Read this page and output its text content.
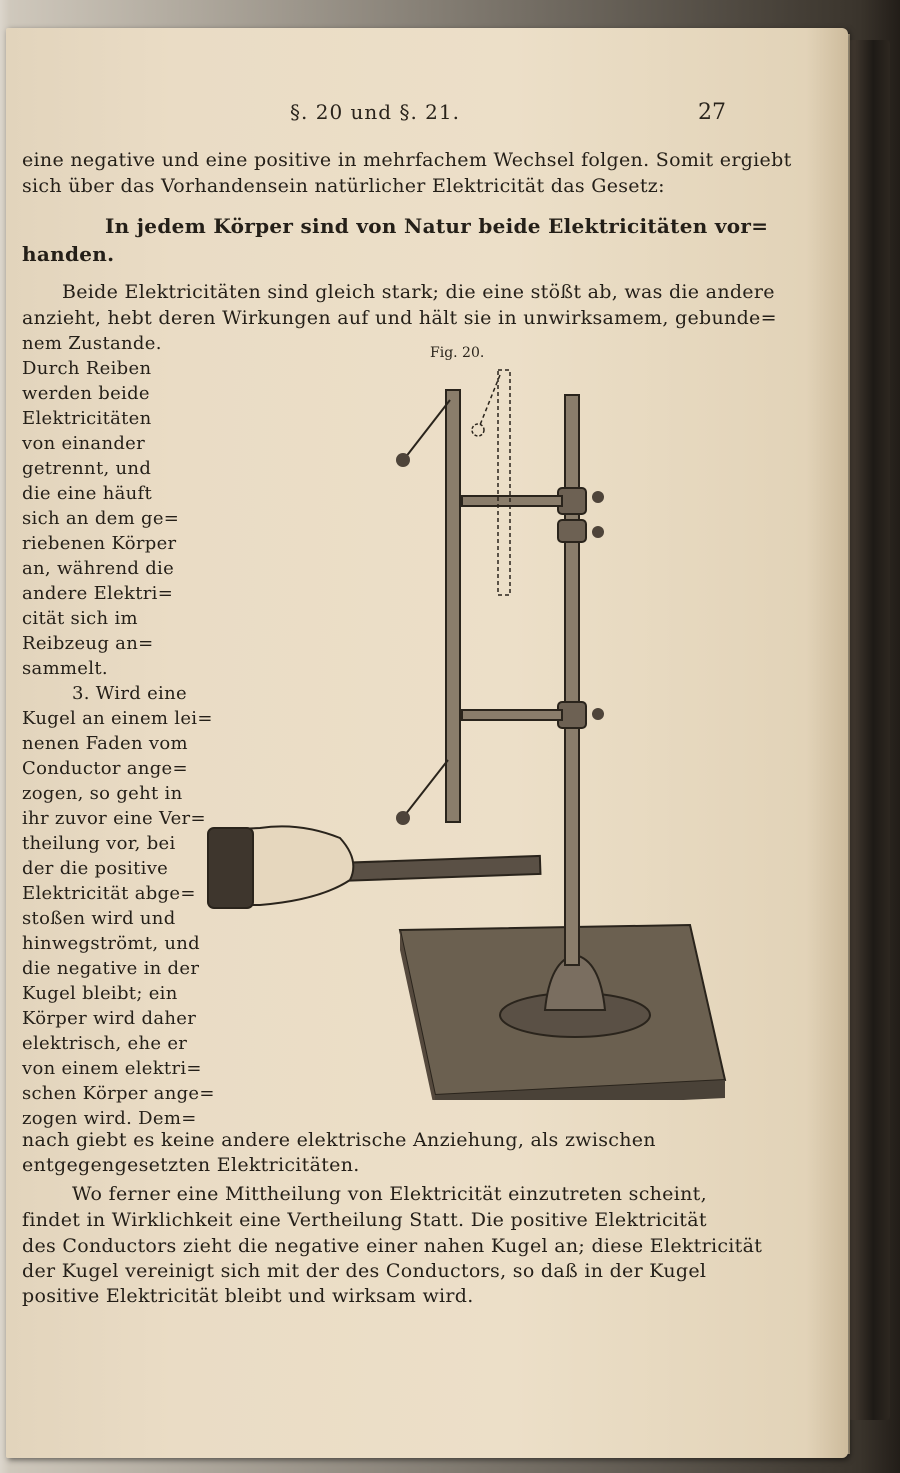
§. 20 und §. 21.	27
eine negative und eine positive in mehrfachem Wechsel folgen. Somit ergiebt
sich über das Vorhandensein natürlicher Elektricität das Gesetz:
In jedem Körper sind von Natur beide Elektricitäten vor=
handen.
Beide Elektricitäten sind gleich stark; die eine stößt ab, was die andere
anzieht, hebt deren Wirkungen auf und hält sie in unwirksamem, gebunde=
nem Zustande.
Durch Reiben
werden beide
Elektricitäten
von einander
getrennt, und
die eine häuft
sich an dem ge=
riebenen Körper
an, während die
andere Elektri=
cität sich im
Reibzeug an=
sammelt.
3. Wird eine
Kugel an einem lei=
nenen Faden vom
Conductor ange=
zogen, so geht in
ihr zuvor eine Ver=
theilung vor, bei
der die positive
Elektricität abge=
stoßen wird und
hinwegströmt, und
die negative in der
Kugel bleibt; ein
Körper wird daher
elektrisch, ehe er
von einem elektri=
schen Körper ange=
zogen wird. Dem=
Fig. 20.
nach giebt es keine andere elektrische Anziehung, als zwischen
entgegengesetzten Elektricitäten.
Wo ferner eine Mittheilung von Elektricität einzutreten scheint,
findet in Wirklichkeit eine Vertheilung Statt. Die positive Elektricität
des Conductors zieht die negative einer nahen Kugel an; diese Elektricität
der Kugel vereinigt sich mit der des Conductors, so daß in der Kugel
positive Elektricität bleibt und wirksam wird.
